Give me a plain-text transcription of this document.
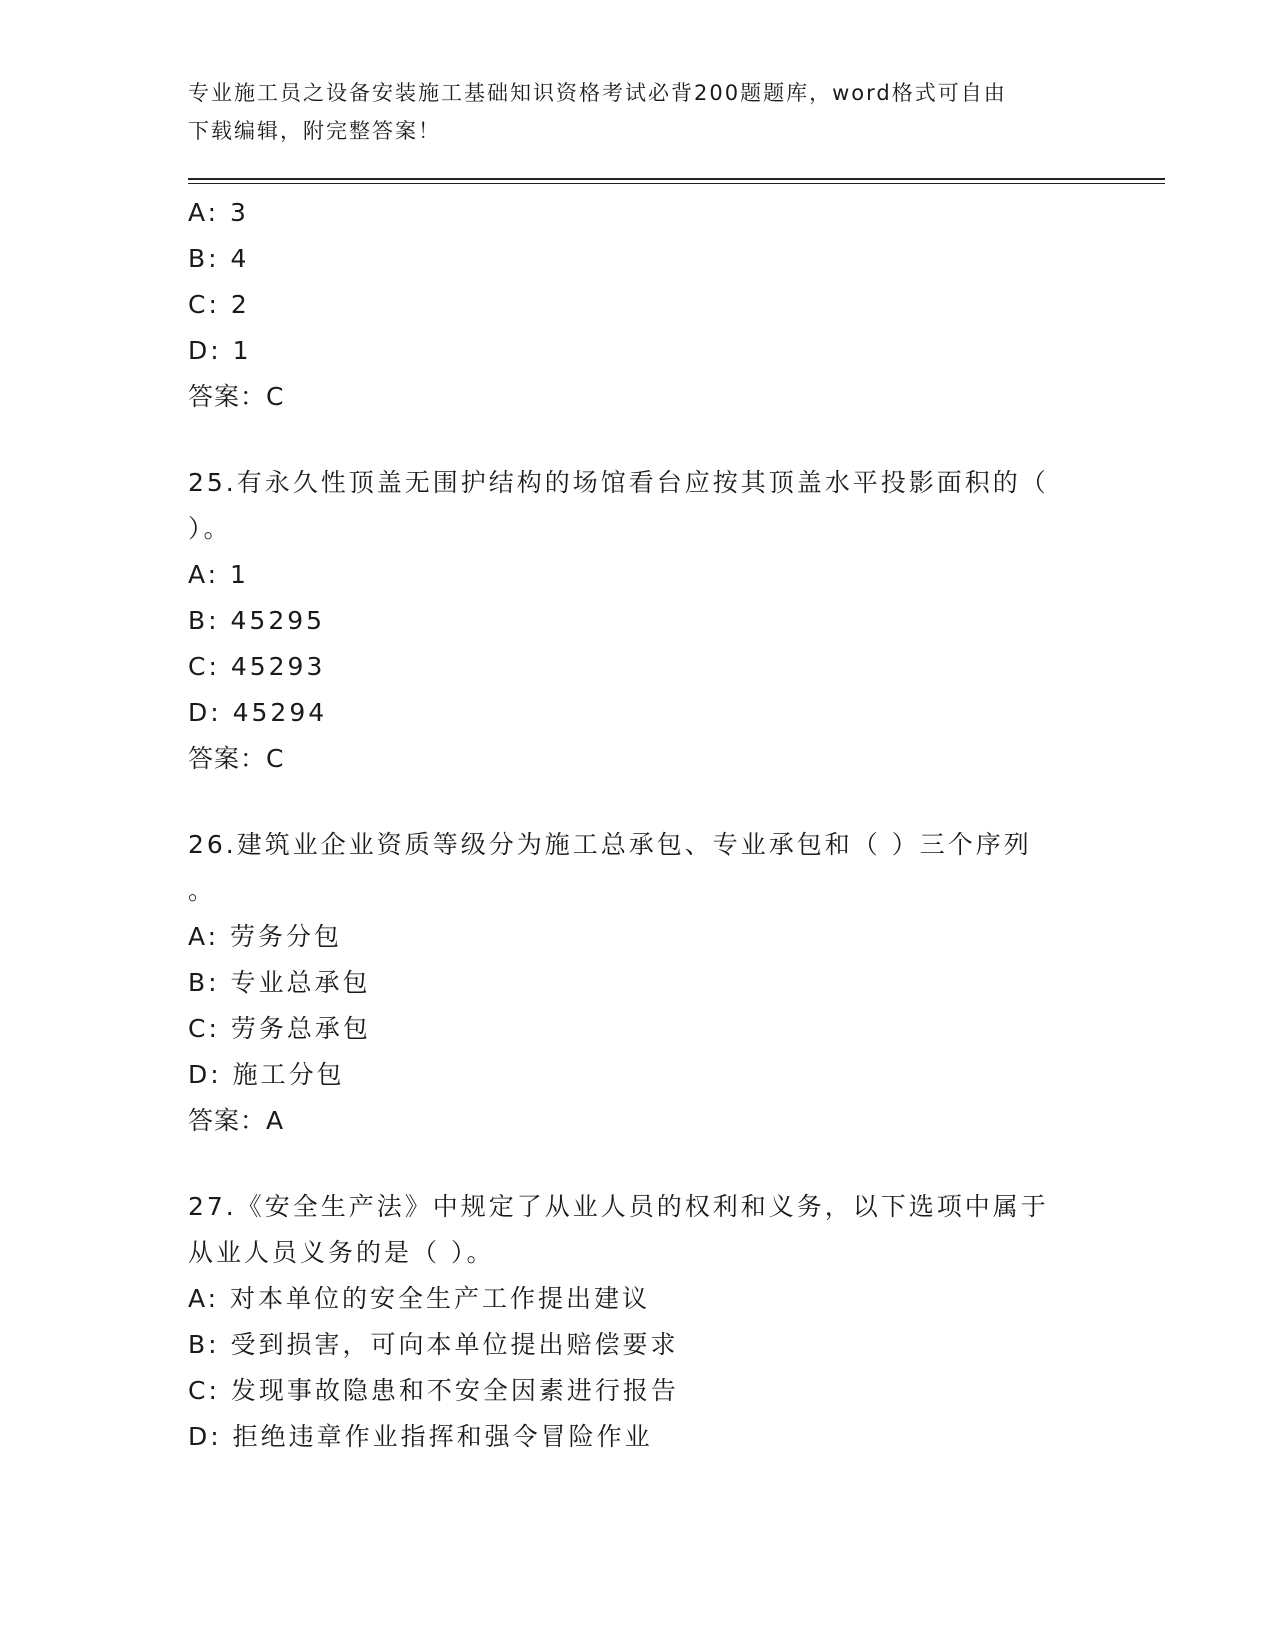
专业施工员之设备安装施工基础知识资格考试必背200题题库，word格式可自由
下载编辑，附完整答案！
A: 3
B: 4
C: 2
D: 1
答案：C
25.有永久性顶盖无围护结构的场馆看台应按其顶盖水平投影面积的（
）。
A: 1
B: 45295
C: 45293
D: 45294
答案：C
26.建筑业企业资质等级分为施工总承包、专业承包和（ ）三个序列
。
A: 劳务分包
B: 专业总承包
C: 劳务总承包
D: 施工分包
答案：A
27.《安全生产法》中规定了从业人员的权利和义务，以下选项中属于
从业人员义务的是（ ）。
A: 对本单位的安全生产工作提出建议
B: 受到损害，可向本单位提出赔偿要求
C: 发现事故隐患和不安全因素进行报告
D: 拒绝违章作业指挥和强令冒险作业
